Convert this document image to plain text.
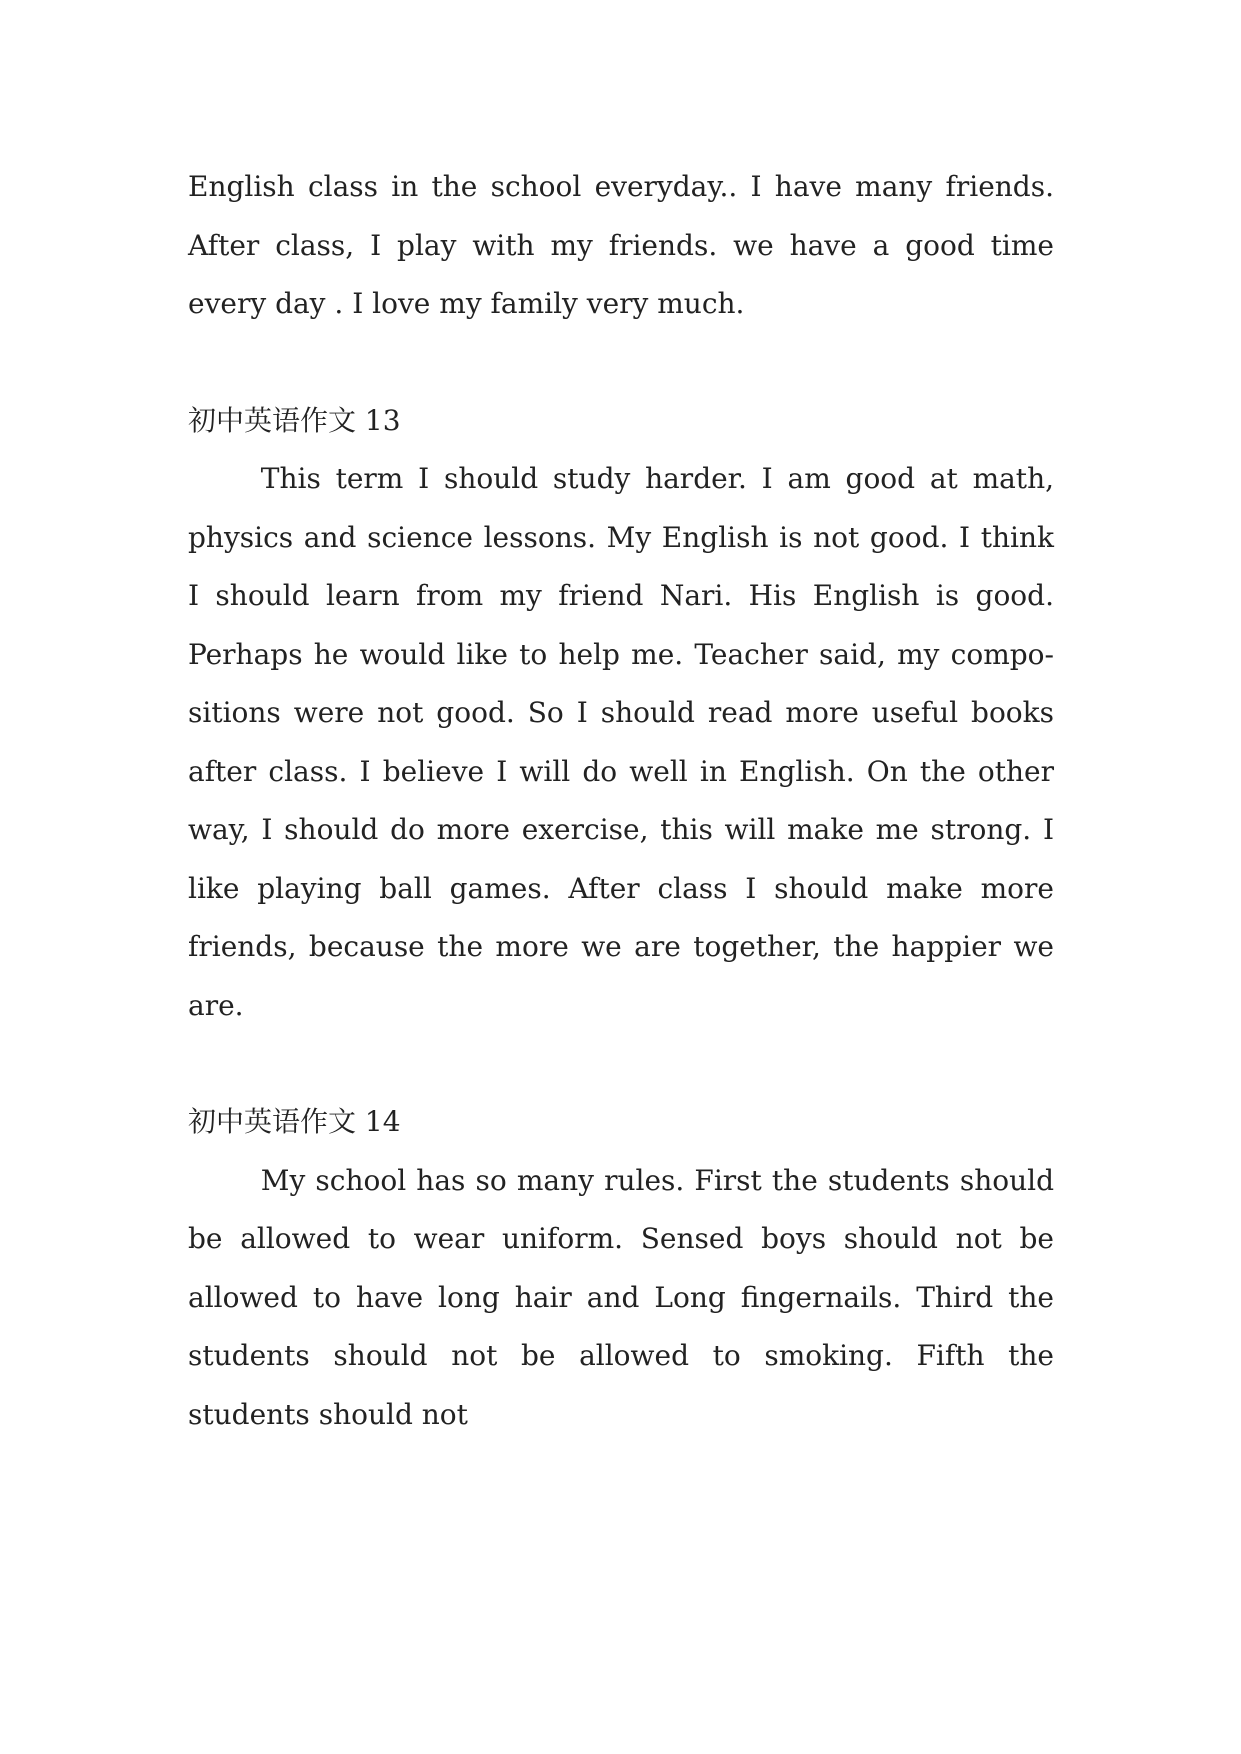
English class in the school everyday.. I have many friends. After class, I play with my friends. we have a good time every day . I love my family very much.

初中英语作文 13

This term I should study harder. I am good at math, physics and science lessons. My English is not good. I think I should learn from my friend Nari. His English is good. Perhaps he would like to help me. Teacher said, my compo-sitions were not good. So I should read more useful books after class. I believe I will do well in English. On the other way, I should do more exercise, this will make me strong. I like playing ball games. After class I should make more friends, because the more we are together, the happier we are.

初中英语作文 14

My school has so many rules. First the students should be allowed to wear uniform. Sensed boys should not be allowed to have long hair and Long fingernails. Third the students should not be allowed to smoking. Fifth the students should not
